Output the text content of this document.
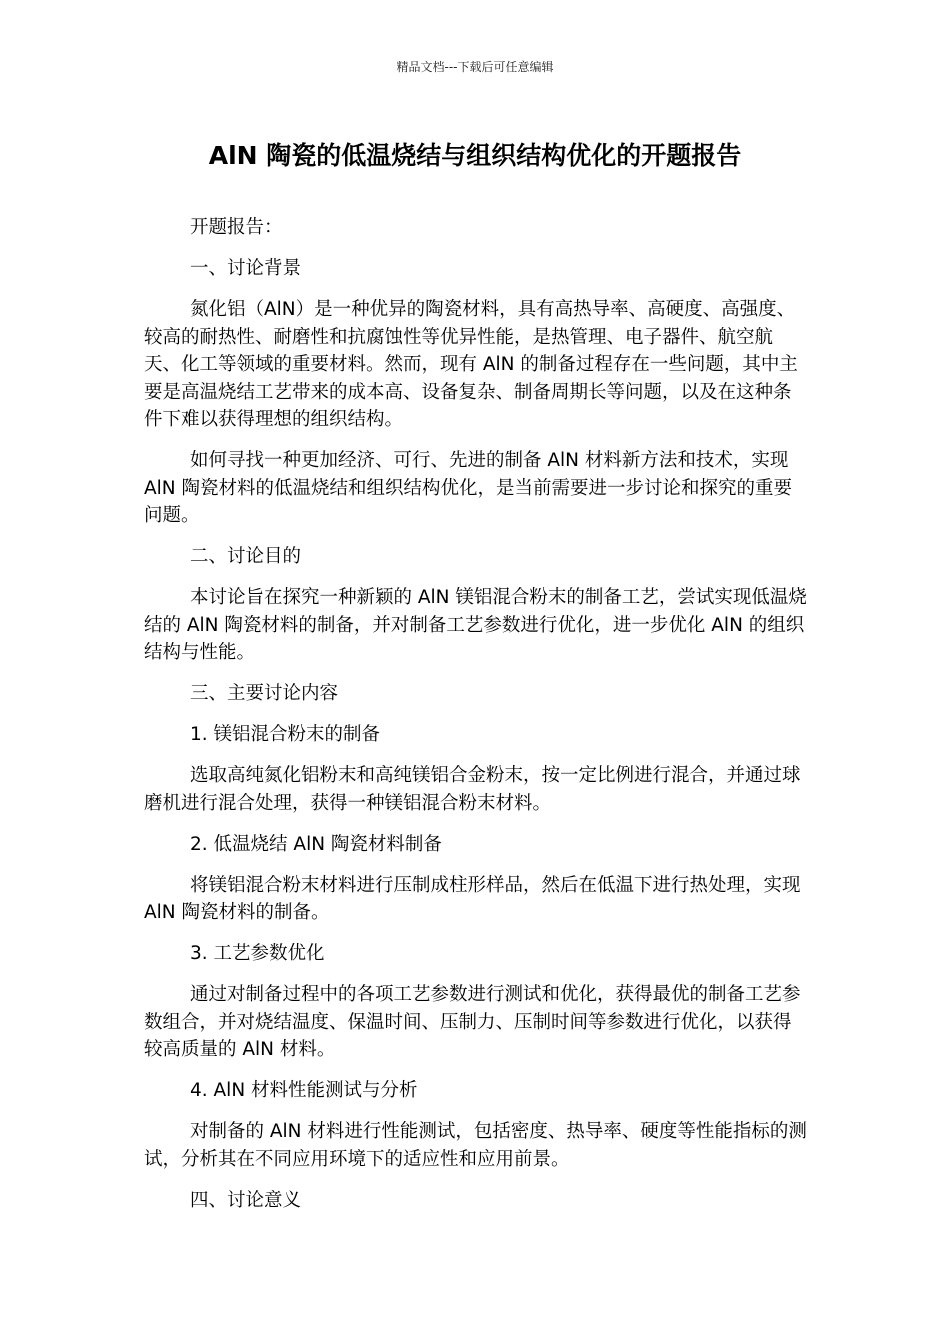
精品文档---下载后可任意编辑
AlN 陶瓷的低温烧结与组织结构优化的开题报告

开题报告：

一、讨论背景

氮化铝（AlN）是一种优异的陶瓷材料，具有高热导率、高硬度、高强度、较高的耐热性、耐磨性和抗腐蚀性等优异性能，是热管理、电子器件、航空航天、化工等领域的重要材料。然而，现有 AlN 的制备过程存在一些问题，其中主要是高温烧结工艺带来的成本高、设备复杂、制备周期长等问题，以及在这种条件下难以获得理想的组织结构。

如何寻找一种更加经济、可行、先进的制备 AlN 材料新方法和技术，实现 AlN 陶瓷材料的低温烧结和组织结构优化，是当前需要进一步讨论和探究的重要问题。

二、讨论目的

本讨论旨在探究一种新颖的 AlN 镁铝混合粉末的制备工艺，尝试实现低温烧结的 AlN 陶瓷材料的制备，并对制备工艺参数进行优化，进一步优化 AlN 的组织结构与性能。

三、主要讨论内容

1. 镁铝混合粉末的制备

选取高纯氮化铝粉末和高纯镁铝合金粉末，按一定比例进行混合，并通过球磨机进行混合处理，获得一种镁铝混合粉末材料。

2. 低温烧结 AlN 陶瓷材料制备

将镁铝混合粉末材料进行压制成柱形样品，然后在低温下进行热处理，实现 AlN 陶瓷材料的制备。

3. 工艺参数优化

通过对制备过程中的各项工艺参数进行测试和优化，获得最优的制备工艺参数组合，并对烧结温度、保温时间、压制力、压制时间等参数进行优化，以获得较高质量的 AlN 材料。

4. AlN 材料性能测试与分析

对制备的 AlN 材料进行性能测试，包括密度、热导率、硬度等性能指标的测试，分析其在不同应用环境下的适应性和应用前景。

四、讨论意义
